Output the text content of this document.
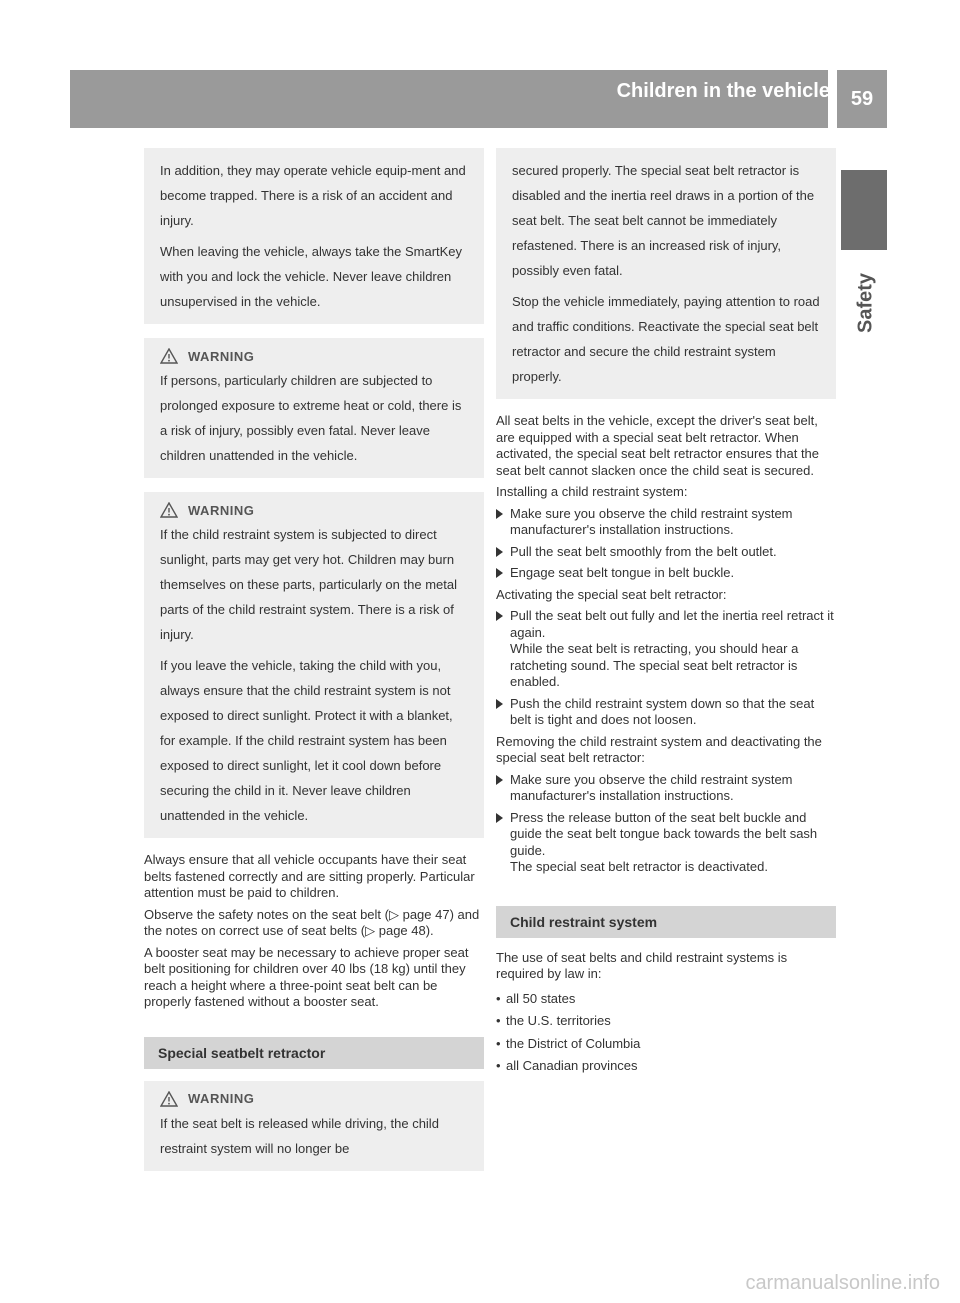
Children in the vehicle	59
Safety

In addition, they may operate vehicle equip-ment and become trapped. There is a risk of an accident and injury.

When leaving the vehicle, always take the SmartKey with you and lock the vehicle. Never leave children unsupervised in the vehicle.

WARNING

If persons, particularly children are subjected to prolonged exposure to extreme heat or cold, there is a risk of injury, possibly even fatal. Never leave children unattended in the vehicle.

WARNING

If the child restraint system is subjected to direct sunlight, parts may get very hot. Children may burn themselves on these parts, particularly on the metal parts of the child restraint system. There is a risk of injury.

If you leave the vehicle, taking the child with you, always ensure that the child restraint system is not exposed to direct sunlight. Protect it with a blanket, for example. If the child restraint system has been exposed to direct sunlight, let it cool down before securing the child in it. Never leave children unattended in the vehicle.

Always ensure that all vehicle occupants have their seat belts fastened correctly and are sitting properly. Particular attention must be paid to children.

Observe the safety notes on the seat belt (▷ page 47) and the notes on correct use of seat belts (▷ page 48).

A booster seat may be necessary to achieve proper seat belt positioning for children over 40 lbs (18 kg) until they reach a height where a three-point seat belt can be properly fastened without a booster seat.

Special seatbelt retractor
WARNING

If the seat belt is released while driving, the child restraint system will no longer be

secured properly. The special seat belt retractor is disabled and the inertia reel draws in a portion of the seat belt. The seat belt cannot be immediately refastened. There is an increased risk of injury, possibly even fatal.

Stop the vehicle immediately, paying attention to road and traffic conditions. Reactivate the special seat belt retractor and secure the child restraint system properly.

All seat belts in the vehicle, except the driver's seat belt, are equipped with a special seat belt retractor. When activated, the special seat belt retractor ensures that the seat belt cannot slacken once the child seat is secured.

Installing a child restraint system:

Make sure you observe the child restraint system manufacturer's installation instructions.
Pull the seat belt smoothly from the belt outlet.
Engage seat belt tongue in belt buckle.

Activating the special seat belt retractor:

Pull the seat belt out fully and let the inertia reel retract it again.
While the seat belt is retracting, you should hear a ratcheting sound. The special seat belt retractor is enabled.
Push the child restraint system down so that the seat belt is tight and does not loosen.

Removing the child restraint system and deactivating the special seat belt retractor:

Make sure you observe the child restraint system manufacturer's installation instructions.
Press the release button of the seat belt buckle and guide the seat belt tongue back towards the belt sash guide.
The special seat belt retractor is deactivated.
Child restraint system

The use of seat belts and child restraint systems is required by law in:

• all 50 states
• the U.S. territories
• the District of Columbia
• all Canadian provinces
carmanualsonline.info
